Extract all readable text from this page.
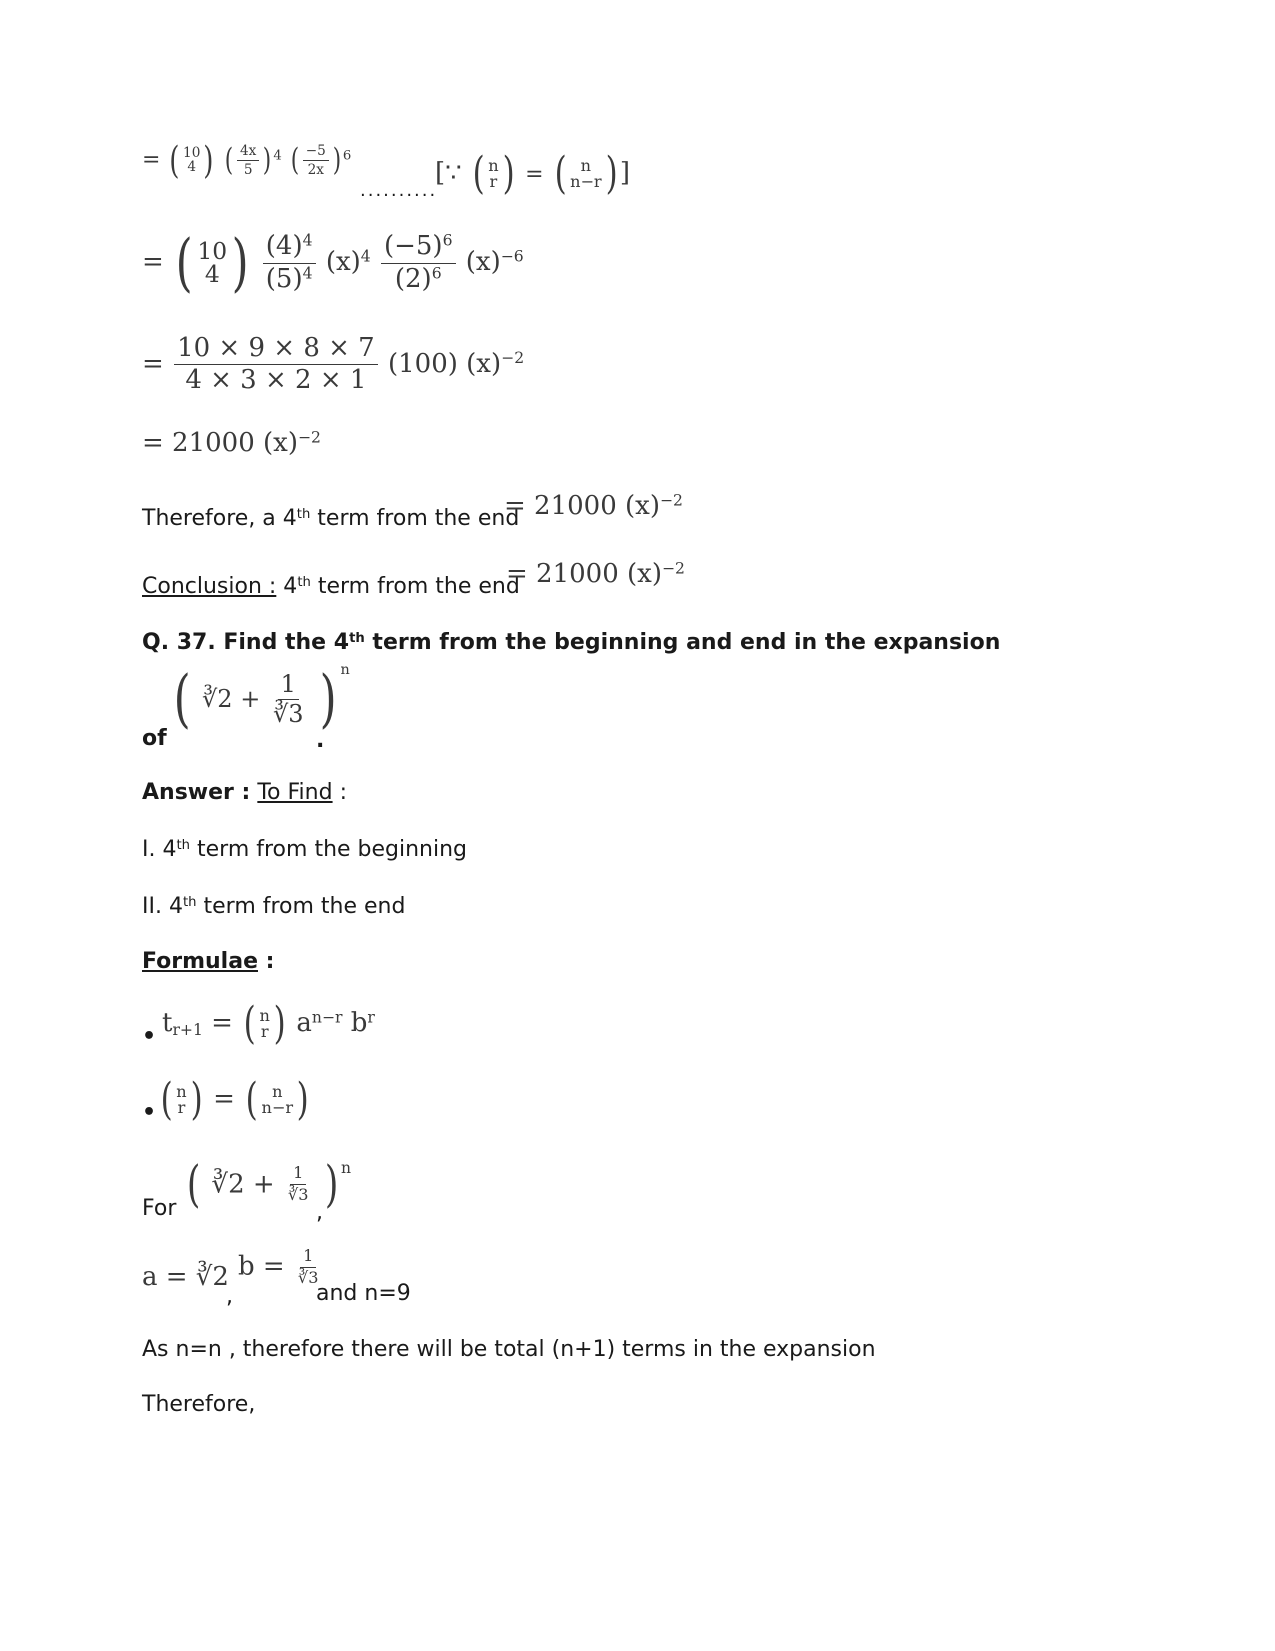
= ( 10
4 ) ( $\frac{4x}{5}$ ) $^4$ ( $\frac{-5}{2x}$ ) $^6$
..........
[∵ ( n
r ) = ( n
n−r ) ]
= ( 10
4 )
$\frac{(4)^4}{(5)^4} (x)^4 \frac{(-5)^6}{(2)^6} (x)^{-6}$
= $\frac{10 \times 9 \times 8 \times 7}{4 \times 3 \times 2 \times 1} (100)$ $(x)^{-2}$
= 21000 $(x)^{-2}$
Therefore, a 4th term from the end
= 21000 $(x)^{-2}$
Conclusion : 4th term from the end
= 21000 $(x)^{-2}$
Q. 37. Find the 4th term from the beginning and end in the expansion
of
( ∛2 + $\frac{1}{∛3}$ ) $^n$
.
Answer : To Find :
I. 4th term from the beginning
II. 4th term from the end
Formulae :
• $t_{r+1}$ = ( n
r ) $a^{n-r}$ $b^r$
• ( n
r ) = ( n
n−r )
For ( ∛2 + $\frac{1}{∛3}$ ) $^n$
,
a = ∛2
,
$b = \frac{1}{∛3}$
and n=9
As n=n , therefore there will be total (n+1) terms in the expansion
Therefore,
